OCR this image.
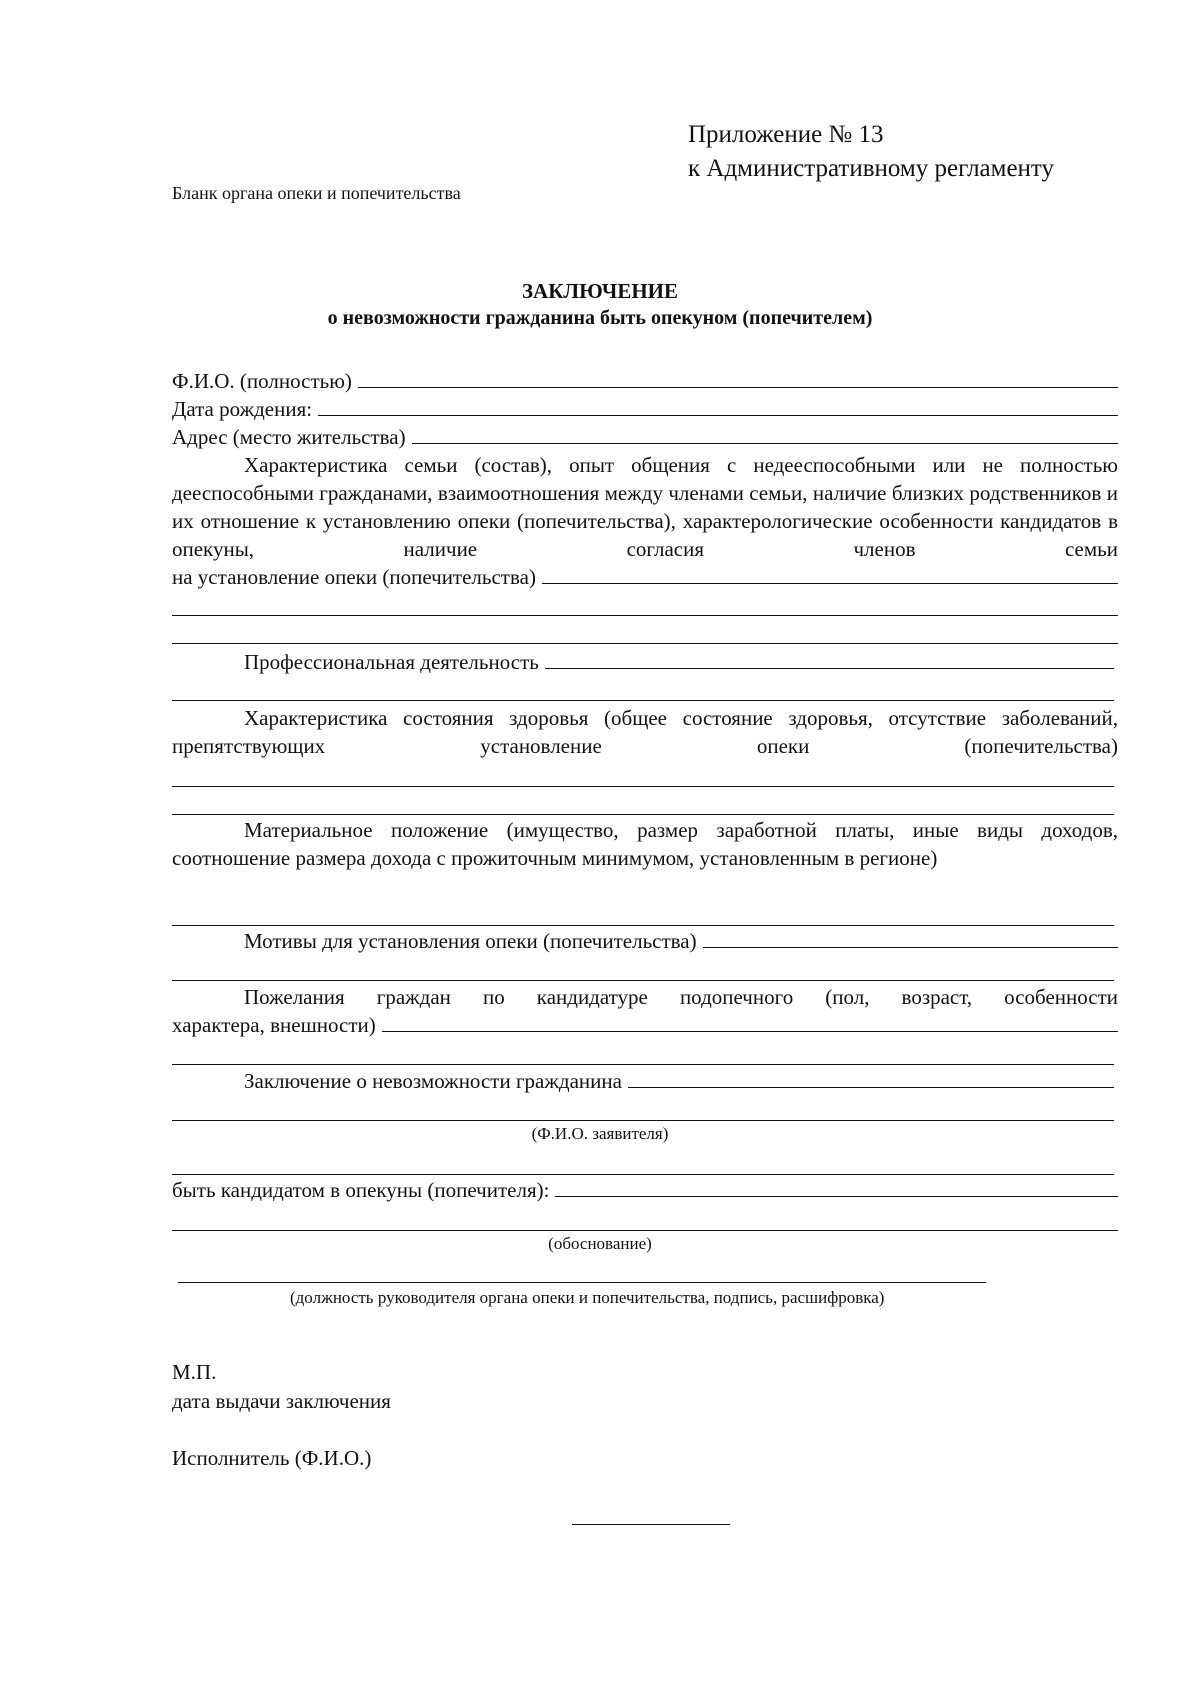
Приложение № 13
к Административному регламенту
Бланк органа опеки и попечительства
ЗАКЛЮЧЕНИЕ
о невозможности гражданина быть опекуном (попечителем)
Ф.И.О. (полностью)
Дата рождения:
Адрес (место жительства)
Характеристика семьи (состав), опыт общения с недееспособными или не полностью дееспособными гражданами, взаимоотношения между членами семьи, наличие близких родственников и их отношение к установлению опеки (попечительства), характерологические особенности кандидатов в опекуны, наличие согласия членов семьи
на установление опеки (попечительства)
Профессиональная деятельность
Характеристика состояния здоровья (общее состояние здоровья, отсутствие заболеваний, препятствующих установление опеки (попечительства)
Материальное положение (имущество, размер заработной платы, иные виды доходов, соотношение размера дохода с прожиточным минимумом, установленным в регионе)
Мотивы для установления опеки (попечительства)
Пожелания граждан по кандидатуре подопечного (пол, возраст, особенности
характера, внешности)
Заключение о невозможности гражданина
(Ф.И.О. заявителя)
быть кандидатом в опекуны (попечителя):
(обоснование)
(должность руководителя органа опеки и попечительства, подпись, расшифровка)
М.П.
дата выдачи заключения
Исполнитель (Ф.И.О.)
